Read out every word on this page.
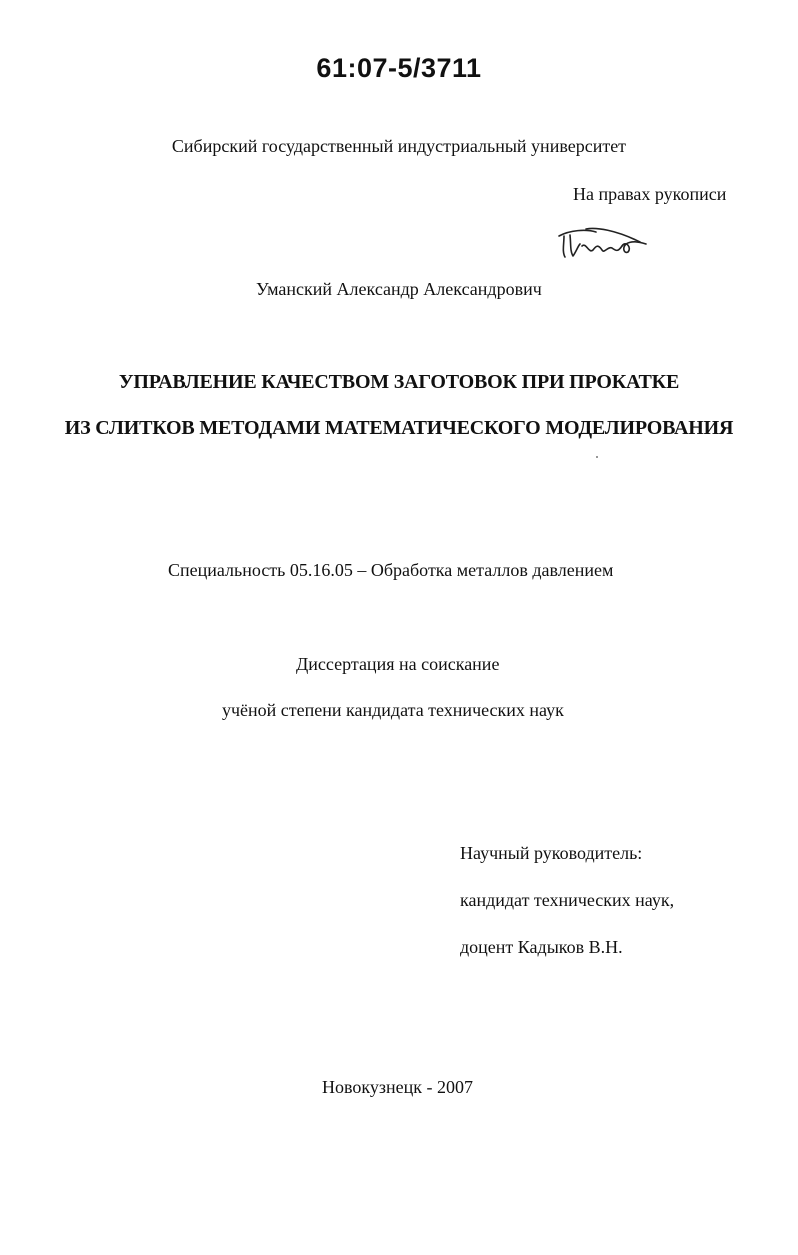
61:07-5/3711
Сибирский государственный индустриальный университет
На правах рукописи
Уманский Александр Александрович
УПРАВЛЕНИЕ КАЧЕСТВОМ ЗАГОТОВОК ПРИ ПРОКАТКЕ
ИЗ СЛИТКОВ МЕТОДАМИ МАТЕМАТИЧЕСКОГО МОДЕЛИРОВАНИЯ
Специальность 05.16.05 – Обработка металлов давлением
Диссертация на соискание
учёной степени кандидата технических наук
Научный руководитель:
кандидат технических наук,
доцент Кадыков В.Н.
Новокузнецк - 2007
